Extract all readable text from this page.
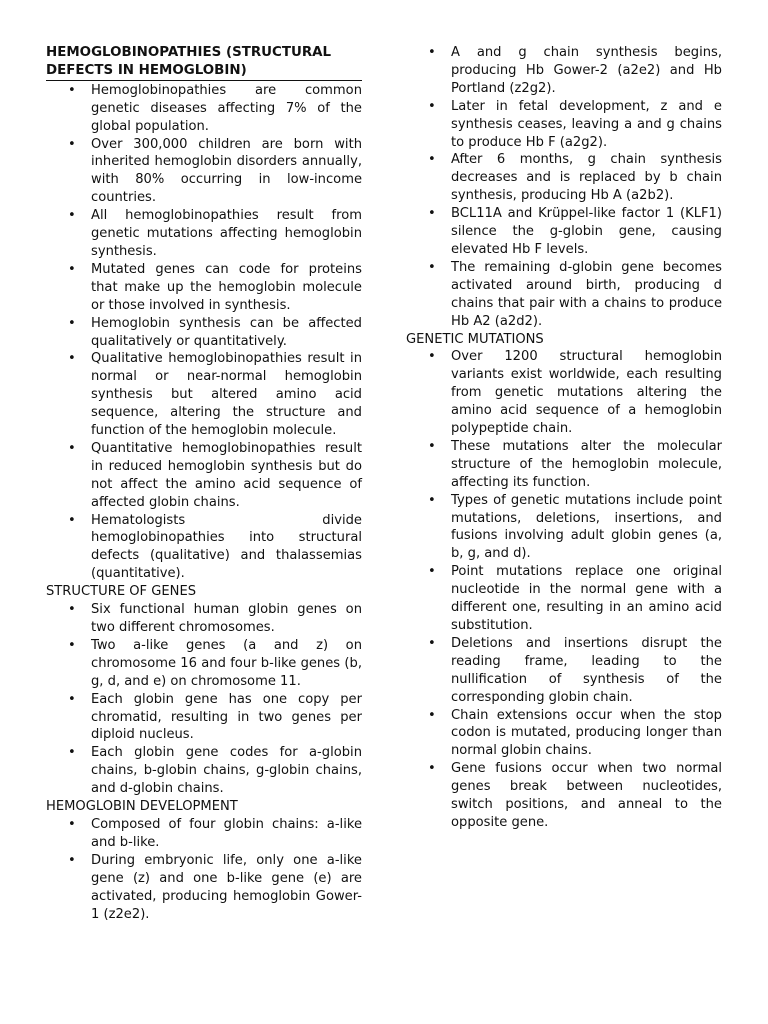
HEMOGLOBINOPATHIES (STRUCTURAL DEFECTS IN HEMOGLOBIN)
• Hemoglobinopathies are common genetic diseases affecting 7% of the global population.
• Over 300,000 children are born with inherited hemoglobin disorders annually, with 80% occurring in low-income countries.
• All hemoglobinopathies result from genetic mutations affecting hemoglobin synthesis.
• Mutated genes can code for proteins that make up the hemoglobin molecule or those involved in synthesis.
• Hemoglobin synthesis can be affected qualitatively or quantitatively.
• Qualitative hemoglobinopathies result in normal or near-normal hemoglobin synthesis but altered amino acid sequence, altering the structure and function of the hemoglobin molecule.
• Quantitative hemoglobinopathies result in reduced hemoglobin synthesis but do not affect the amino acid sequence of affected globin chains.
• Hematologists divide hemoglobinopathies into structural defects (qualitative) and thalassemias (quantitative).
STRUCTURE OF GENES
• Six functional human globin genes on two different chromosomes.
• Two a-like genes (a and z) on chromosome 16 and four b-like genes (b, g, d, and e) on chromosome 11.
• Each globin gene has one copy per chromatid, resulting in two genes per diploid nucleus.
• Each globin gene codes for a-globin chains, b-globin chains, g-globin chains, and d-globin chains.
HEMOGLOBIN DEVELOPMENT
• Composed of four globin chains: a-like and b-like.
• During embryonic life, only one a-like gene (z) and one b-like gene (e) are activated, producing hemoglobin Gower-1 (z2e2).
• A and g chain synthesis begins, producing Hb Gower-2 (a2e2) and Hb Portland (z2g2).
• Later in fetal development, z and e synthesis ceases, leaving a and g chains to produce Hb F (a2g2).
• After 6 months, g chain synthesis decreases and is replaced by b chain synthesis, producing Hb A (a2b2).
• BCL11A and Krüppel-like factor 1 (KLF1) silence the g-globin gene, causing elevated Hb F levels.
• The remaining d-globin gene becomes activated around birth, producing d chains that pair with a chains to produce Hb A2 (a2d2).
GENETIC MUTATIONS
• Over 1200 structural hemoglobin variants exist worldwide, each resulting from genetic mutations altering the amino acid sequence of a hemoglobin polypeptide chain.
• These mutations alter the molecular structure of the hemoglobin molecule, affecting its function.
• Types of genetic mutations include point mutations, deletions, insertions, and fusions involving adult globin genes (a, b, g, and d).
• Point mutations replace one original nucleotide in the normal gene with a different one, resulting in an amino acid substitution.
• Deletions and insertions disrupt the reading frame, leading to the nullification of synthesis of the corresponding globin chain.
• Chain extensions occur when the stop codon is mutated, producing longer than normal globin chains.
• Gene fusions occur when two normal genes break between nucleotides, switch positions, and anneal to the opposite gene.
